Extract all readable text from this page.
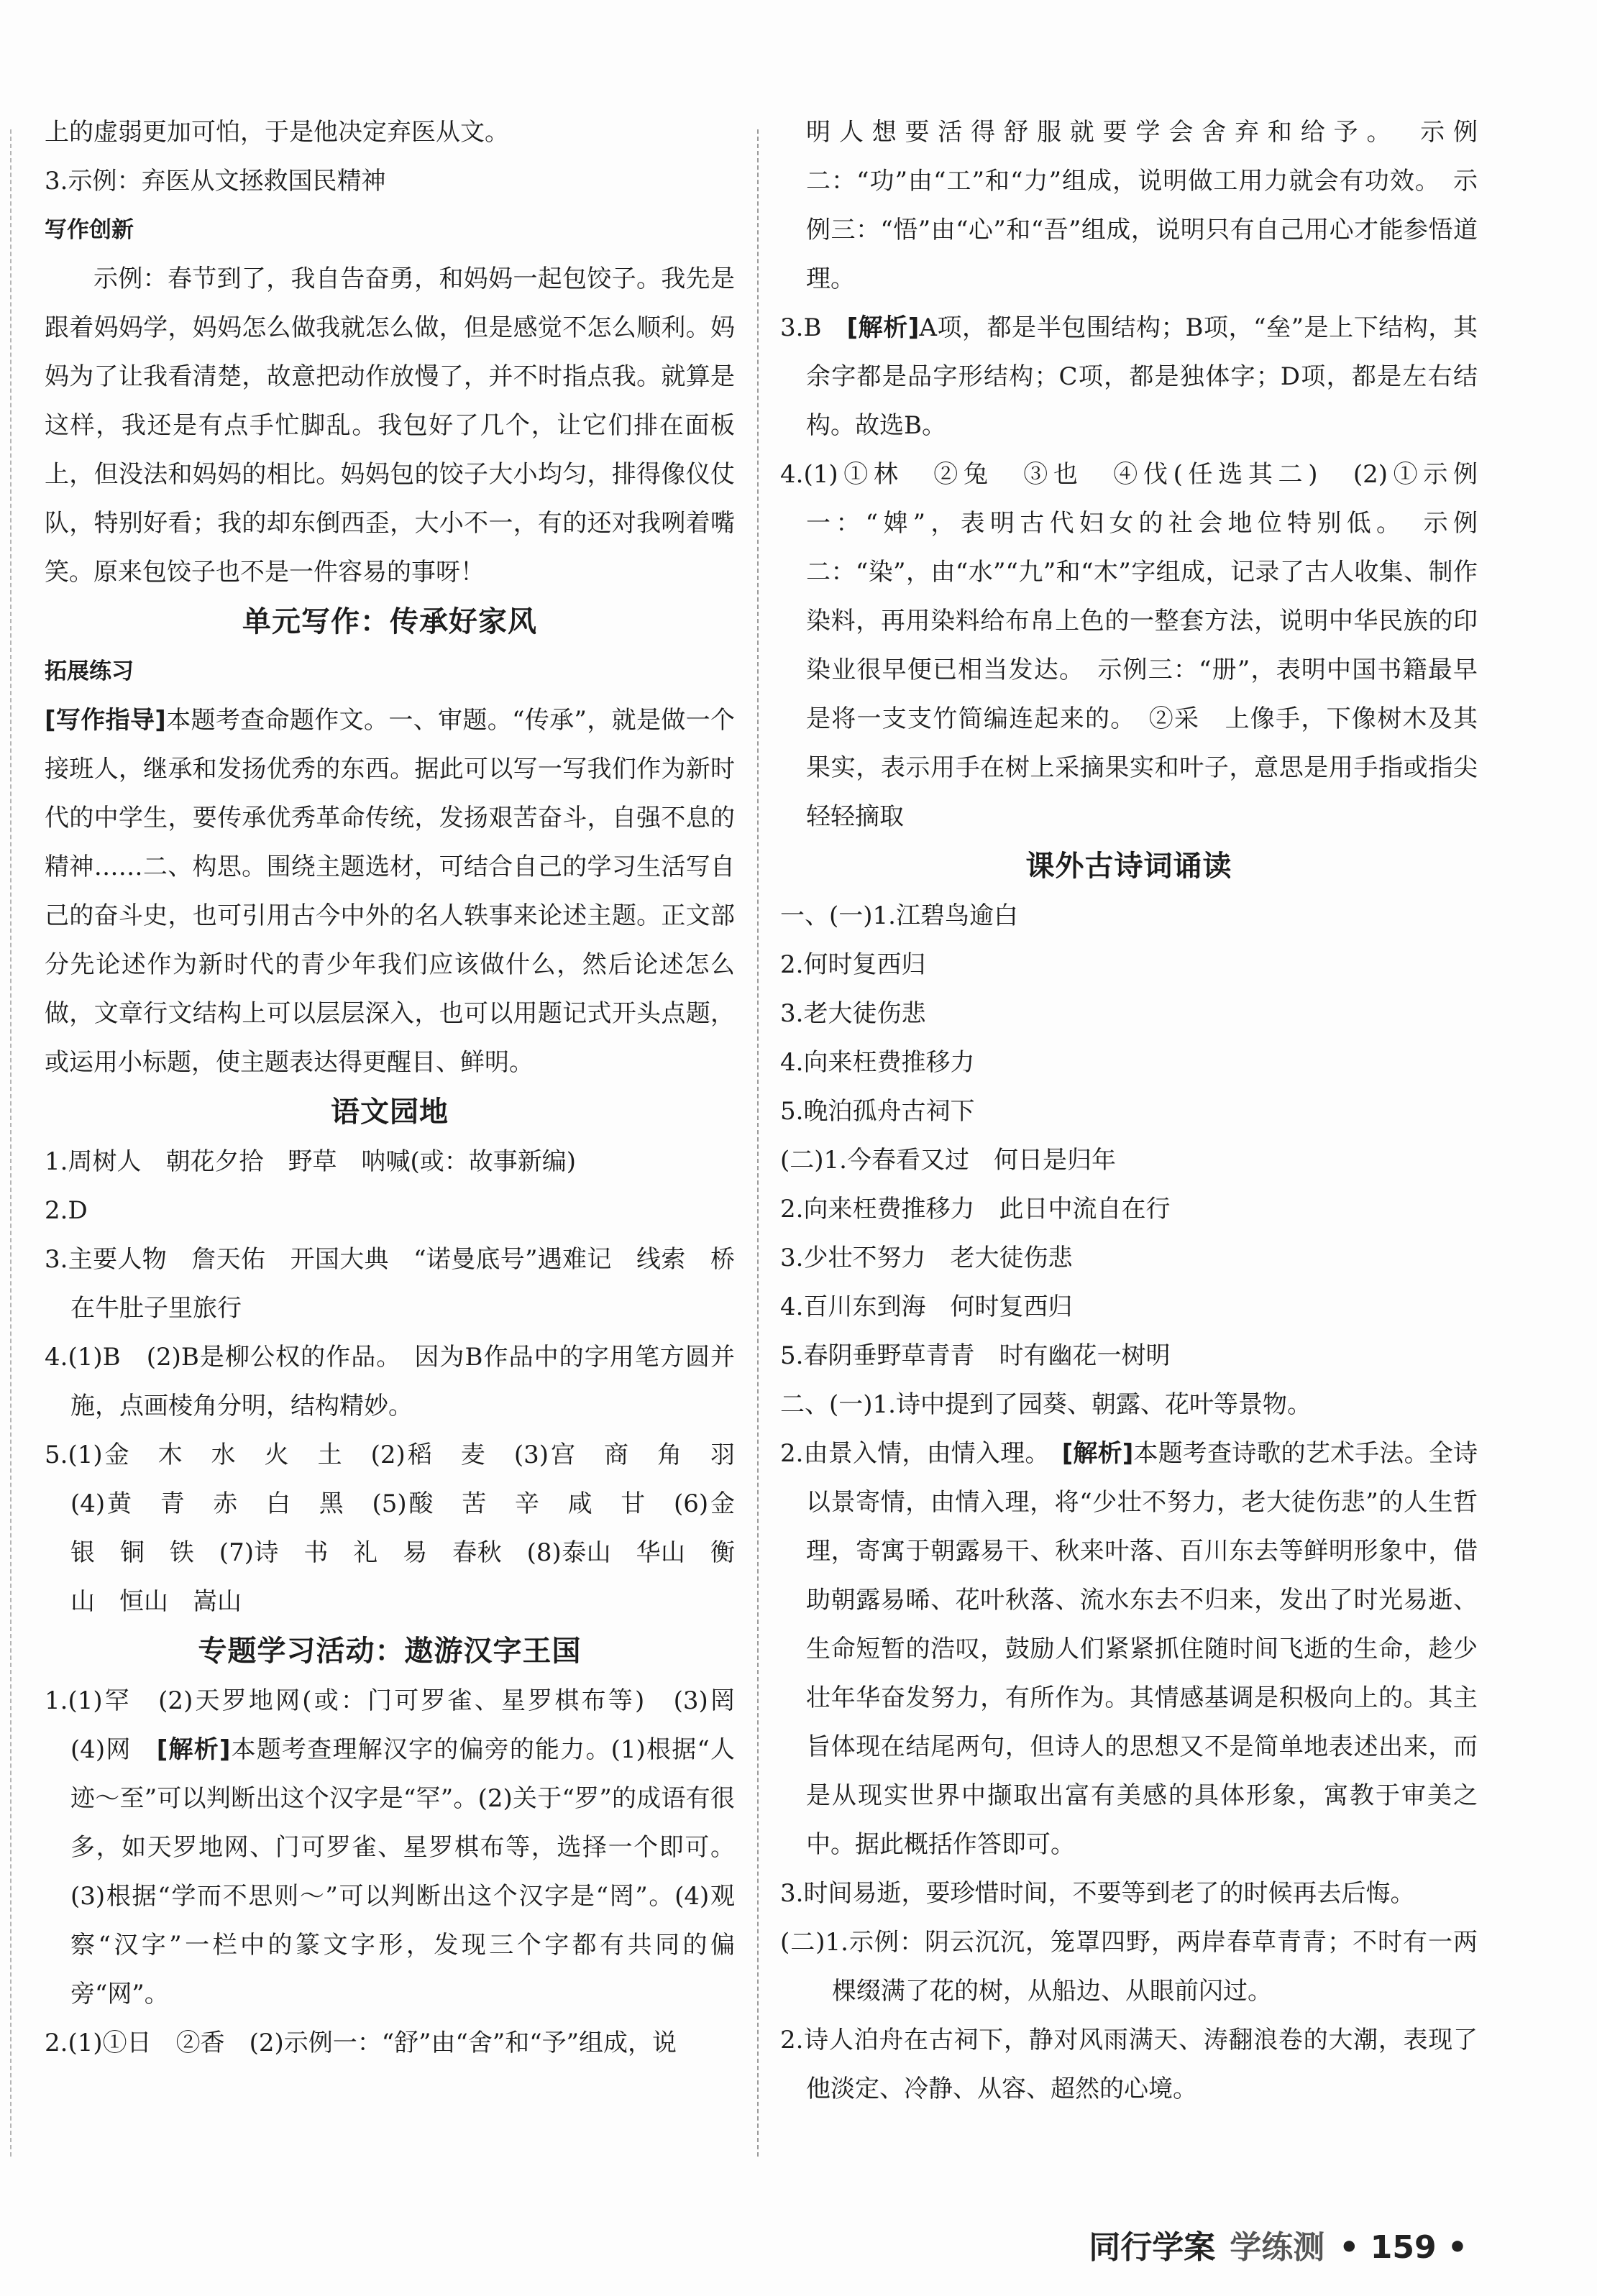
上的虚弱更加可怕，于是他决定弃医从文。

3.示例：弃医从文拯救国民精神

写作创新

示例：春节到了，我自告奋勇，和妈妈一起包饺子。我先是跟着妈妈学，妈妈怎么做我就怎么做，但是感觉不怎么顺利。妈妈为了让我看清楚，故意把动作放慢了，并不时指点我。就算是这样，我还是有点手忙脚乱。我包好了几个，让它们排在面板上，但没法和妈妈的相比。妈妈包的饺子大小均匀，排得像仪仗队，特别好看；我的却东倒西歪，大小不一，有的还对我咧着嘴笑。原来包饺子也不是一件容易的事呀！

单元写作：传承好家风
拓展练习

[写作指导]本题考查命题作文。一、审题。“传承”，就是做一个接班人，继承和发扬优秀的东西。据此可以写一写我们作为新时代的中学生，要传承优秀革命传统，发扬艰苦奋斗，自强不息的精神……二、构思。围绕主题选材，可结合自己的学习生活写自己的奋斗史，也可引用古今中外的名人轶事来论述主题。正文部分先论述作为新时代的青少年我们应该做什么，然后论述怎么做，文章行文结构上可以层层深入，也可以用题记式开头点题，或运用小标题，使主题表达得更醒目、鲜明。

语文园地

1.周树人　朝花夕拾　野草　呐喊(或：故事新编)

2.D

3.主要人物　詹天佑　开国大典　“诺曼底号”遇难记　线索　桥　在牛肚子里旅行

4.(1)B　(2)B是柳公权的作品。　因为B作品中的字用笔方圆并施，点画棱角分明，结构精妙。

5.(1)金　木　水　火　土　(2)稻　麦　(3)宫　商　角　羽　(4)黄　青　赤　白　黑　(5)酸　苦　辛　咸　甘　(6)金　银　铜　铁　(7)诗　书　礼　易　春秋　(8)泰山　华山　衡山　恒山　嵩山

专题学习活动：遨游汉字王国

1.(1)罕　(2)天罗地网(或：门可罗雀、星罗棋布等)　(3)罔　(4)网　[解析]本题考查理解汉字的偏旁的能力。(1)根据“人迹～至”可以判断出这个汉字是“罕”。(2)关于“罗”的成语有很多，如天罗地网、门可罗雀、星罗棋布等，选择一个即可。(3)根据“学而不思则～”可以判断出这个汉字是“罔”。(4)观察“汉字”一栏中的篆文字形，发现三个字都有共同的偏旁“网”。

2.(1)①日　②香　(2)示例一：“舒”由“舍”和“予”组成，说

明人想要活得舒服就要学会舍弃和给予。　示例二：“功”由“工”和“力”组成，说明做工用力就会有功效。　示例三：“悟”由“心”和“吾”组成，说明只有自己用心才能参悟道理。

3.B　[解析]A项，都是半包围结构；B项，“垒”是上下结构，其余字都是品字形结构；C项，都是独体字；D项，都是左右结构。故选B。

4.(1)①林　②兔　③也　④伐(任选其二)　(2)①示例一：“婢”，表明古代妇女的社会地位特别低。　示例二：“染”，由“水”“九”和“木”字组成，记录了古人收集、制作染料，再用染料给布帛上色的一整套方法，说明中华民族的印染业很早便已相当发达。　示例三：“册”，表明中国书籍最早是将一支支竹简编连起来的。　②采　上像手，下像树木及其果实，表示用手在树上采摘果实和叶子，意思是用手指或指尖轻轻摘取

课外古诗词诵读

一、(一)1.江碧鸟逾白

2.何时复西归

3.老大徒伤悲

4.向来枉费推移力

5.晚泊孤舟古祠下

(二)1.今春看又过　何日是归年

2.向来枉费推移力　此日中流自在行

3.少壮不努力　老大徒伤悲

4.百川东到海　何时复西归

5.春阴垂野草青青　时有幽花一树明

二、(一)1.诗中提到了园葵、朝露、花叶等景物。

2.由景入情，由情入理。　[解析]本题考查诗歌的艺术手法。全诗以景寄情，由情入理，将“少壮不努力，老大徒伤悲”的人生哲理，寄寓于朝露易干、秋来叶落、百川东去等鲜明形象中，借助朝露易晞、花叶秋落、流水东去不归来，发出了时光易逝、生命短暂的浩叹，鼓励人们紧紧抓住随时间飞逝的生命，趁少壮年华奋发努力，有所作为。其情感基调是积极向上的。其主旨体现在结尾两句，但诗人的思想又不是简单地表述出来，而是从现实世界中撷取出富有美感的具体形象，寓教于审美之中。据此概括作答即可。

3.时间易逝，要珍惜时间，不要等到老了的时候再去后悔。

(二)1.示例：阴云沉沉，笼罩四野，两岸春草青青；不时有一两棵缀满了花的树，从船边、从眼前闪过。

2.诗人泊舟在古祠下，静对风雨满天、涛翻浪卷的大潮，表现了他淡定、冷静、从容、超然的心境。

同行学案 学练测 • 159 •
